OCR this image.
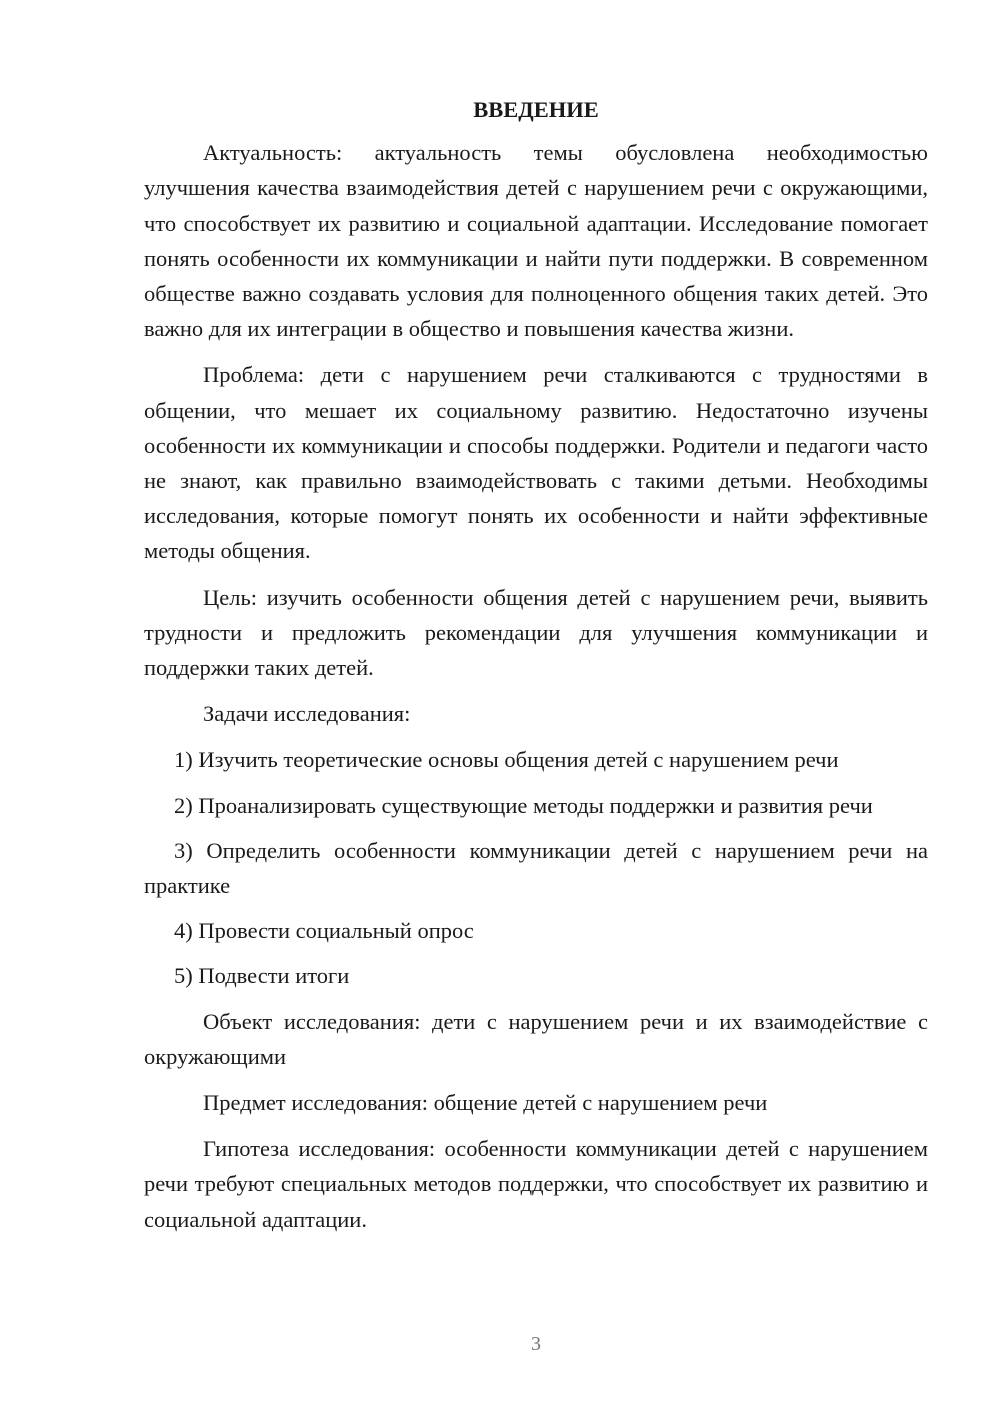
ВВЕДЕНИЕ

Актуальность: актуальность темы обусловлена необходимостью улучшения качества взаимодействия детей с нарушением речи с окружающими, что способствует их развитию и социальной адаптации. Исследование помогает понять особенности их коммуникации и найти пути поддержки. В современном обществе важно создавать условия для полноценного общения таких детей. Это важно для их интеграции в общество и повышения качества жизни.

Проблема: дети с нарушением речи сталкиваются с трудностями в общении, что мешает их социальному развитию. Недостаточно изучены особенности их коммуникации и способы поддержки. Родители и педагоги часто не знают, как правильно взаимодействовать с такими детьми. Необходимы исследования, которые помогут понять их особенности и найти эффективные методы общения.

Цель: изучить особенности общения детей с нарушением речи, выявить трудности и предложить рекомендации для улучшения коммуникации и поддержки таких детей.

Задачи исследования:

1) Изучить теоретические основы общения детей с нарушением речи

2) Проанализировать существующие методы поддержки и развития речи

3) Определить особенности коммуникации детей с нарушением речи на практике

4) Провести социальный опрос

5) Подвести итоги

Объект исследования: дети с нарушением речи и их взаимодействие с окружающими

Предмет исследования: общение детей с нарушением речи

Гипотеза исследования: особенности коммуникации детей с нарушением речи требуют специальных методов поддержки, что способствует их развитию и социальной адаптации.

3
